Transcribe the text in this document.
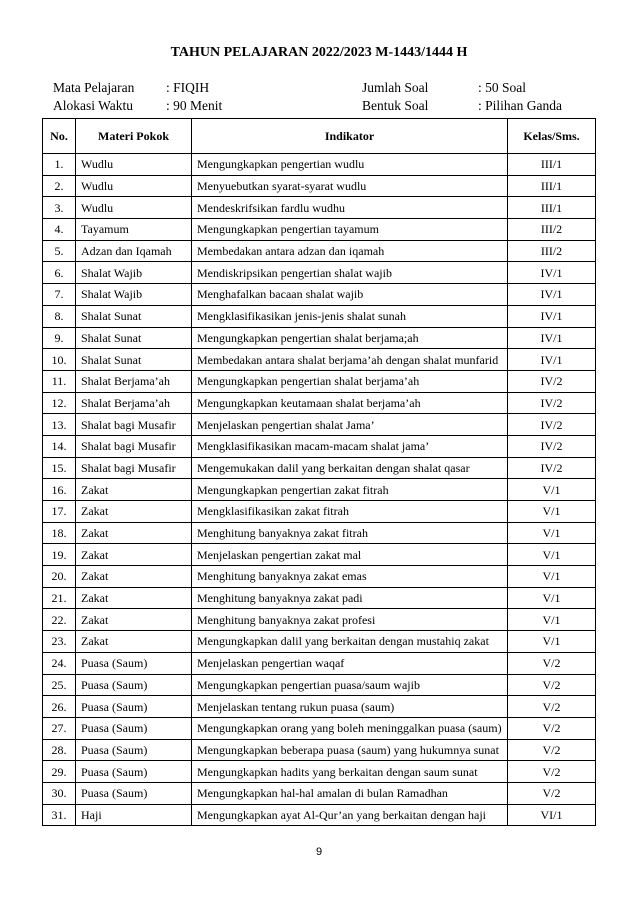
TAHUN PELAJARAN 2022/2023 M-1443/1444 H
Mata Pelajaran	: FIQIH	Jumlah Soal	: 50 Soal
Alokasi Waktu	: 90 Menit	Bentuk Soal	: Pilihan Ganda
No.	Materi Pokok	Indikator	Kelas/Sms.
1.	Wudlu	Mengungkapkan pengertian wudlu	III/1
2.	Wudlu	Menyuebutkan syarat-syarat wudlu	III/1
3.	Wudlu	Mendeskrifsikan fardlu wudhu	III/1
4.	Tayamum	Mengungkapkan pengertian tayamum	III/2
5.	Adzan dan Iqamah	Membedakan antara adzan dan iqamah	III/2
6.	Shalat Wajib	Mendiskripsikan pengertian shalat wajib	IV/1
7.	Shalat Wajib	Menghafalkan bacaan shalat wajib	IV/1
8.	Shalat Sunat	Mengklasifikasikan jenis-jenis shalat sunah	IV/1
9.	Shalat Sunat	Mengungkapkan pengertian shalat berjama;ah	IV/1
10.	Shalat Sunat	Membedakan antara shalat berjama’ah dengan shalat munfarid	IV/1
11.	Shalat Berjama’ah	Mengungkapkan pengertian shalat berjama’ah	IV/2
12.	Shalat Berjama’ah	Mengungkapkan keutamaan shalat berjama’ah	IV/2
13.	Shalat bagi Musafir	Menjelaskan pengertian shalat Jama’	IV/2
14.	Shalat bagi Musafir	Mengklasifikasikan macam-macam shalat jama’	IV/2
15.	Shalat bagi Musafir	Mengemukakan dalil yang berkaitan dengan shalat qasar	IV/2
16.	Zakat	Mengungkapkan pengertian zakat fitrah	V/1
17.	Zakat	Mengklasifikasikan zakat fitrah	V/1
18.	Zakat	Menghitung banyaknya zakat fitrah	V/1
19.	Zakat	Menjelaskan pengertian zakat mal	V/1
20.	Zakat	Menghitung banyaknya zakat emas	V/1
21.	Zakat	Menghitung banyaknya zakat padi	V/1
22.	Zakat	Menghitung banyaknya zakat profesi	V/1
23.	Zakat	Mengungkapkan dalil yang berkaitan dengan mustahiq zakat	V/1
24.	Puasa (Saum)	Menjelaskan pengertian waqaf	V/2
25.	Puasa (Saum)	Mengungkapkan pengertian puasa/saum wajib	V/2
26.	Puasa (Saum)	Menjelaskan tentang rukun puasa (saum)	V/2
27.	Puasa (Saum)	Mengungkapkan orang yang boleh meninggalkan puasa (saum)	V/2
28.	Puasa (Saum)	Mengungkapkan beberapa puasa (saum) yang hukumnya sunat	V/2
29.	Puasa (Saum)	Mengungkapkan hadits yang berkaitan dengan saum sunat	V/2
30.	Puasa (Saum)	Mengungkapkan hal-hal amalan di bulan Ramadhan	V/2
31.	Haji	Mengungkapkan ayat Al-Qur’an yang berkaitan dengan haji	VI/1
9
